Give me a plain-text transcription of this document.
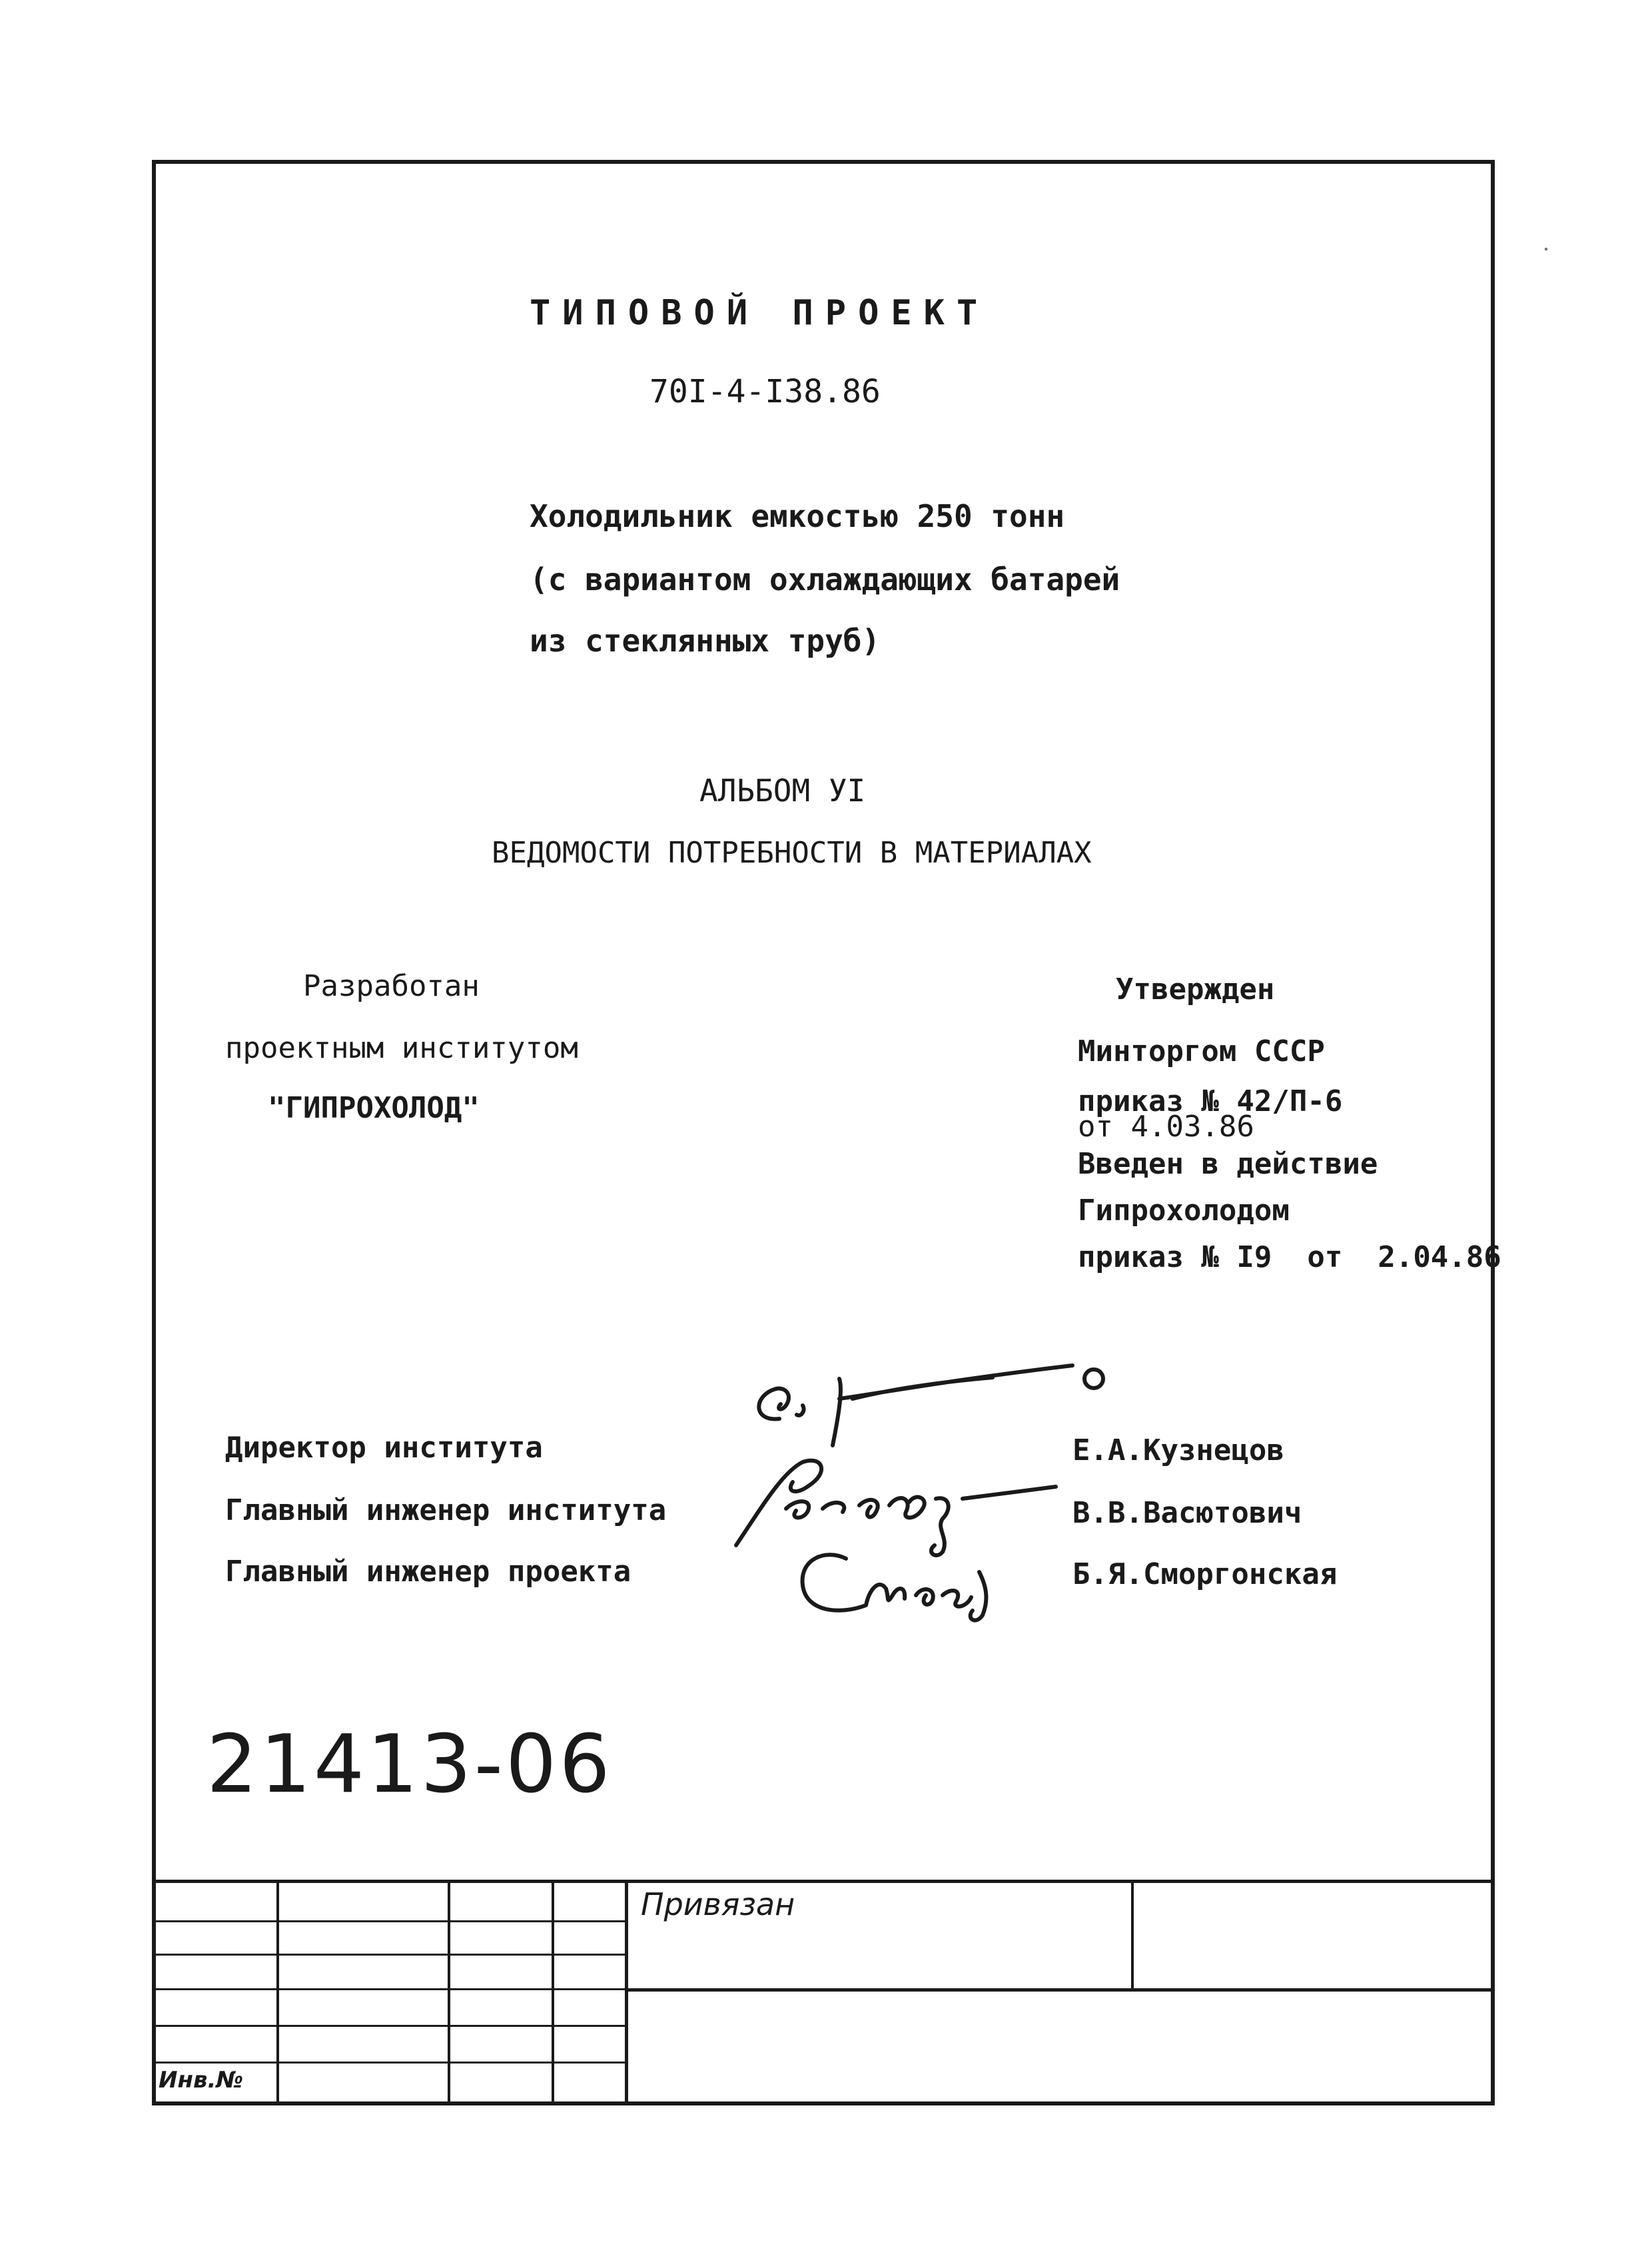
ТИПОВОЙ ПРОЕКТ
70I-4-I38.86
Холодильник емкостью 250 тонн
(с вариантом охлаждающих батарей
из стеклянных труб)
АЛЬБОМ УI
ВЕДОМОСТИ ПОТРЕБНОСТИ В МАТЕРИАЛАХ
Разработан
проектным институтом
"ГИПРОХОЛОД"
Утвержден
Минторгом СССР
приказ № 42/П-6
от 4.03.86
Введен в действие
Гипрохолодом
приказ № I9  от  2.04.86
Директор института
Главный инженер института
Главный инженер проекта
Е.А.Кузнецов
В.В.Васютович
Б.Я.Сморгонская
21413-06
Привязан
Инв.№
